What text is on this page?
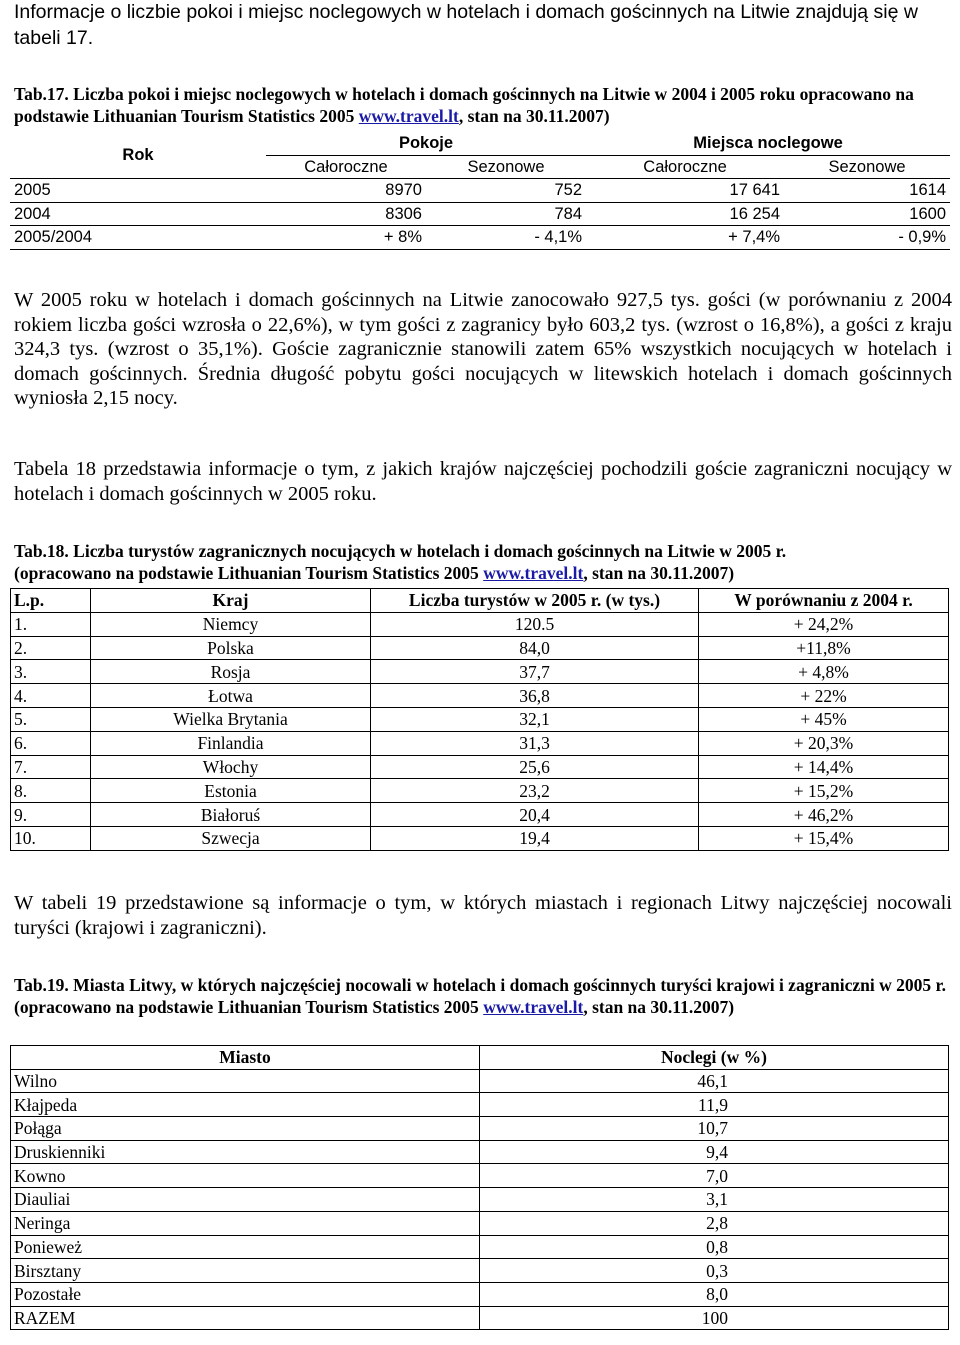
Informacje o liczbie pokoi i miejsc noclegowych w hotelach i domach gościnnych na Litwie znajdują się w tabeli 17.

Tab.17. Liczba pokoi i miejsc noclegowych w hotelach i domach gościnnych na Litwie w 2004 i 2005 roku opracowano na podstawie Lithuanian Tourism Statistics 2005 www.travel.lt, stan na 30.11.2007)

Rok	Pokoje		Miejsca noclegowe	
	Całoroczne	Sezonowe	Całoroczne	Sezonowe
2005	8970	752	17 641	1614
2004	8306	784	16 254	1600
2005/2004	+ 8%	- 4,1%	+ 7,4%	- 0,9%

W 2005 roku w hotelach i domach gościnnych na Litwie zanocowało 927,5 tys. gości (w porównaniu z 2004 rokiem liczba gości wzrosła o 22,6%), w tym gości z zagranicy było 603,2 tys. (wzrost o 16,8%), a gości z kraju 324,3 tys. (wzrost o 35,1%). Goście zagranicznie stanowili zatem 65% wszystkich nocujących w hotelach i domach gościnnych. Średnia długość pobytu gości nocujących w litewskich hotelach i domach gościnnych wyniosła 2,15 nocy.

Tabela 18 przedstawia informacje o tym, z jakich krajów najczęściej pochodzili goście zagraniczni nocujący w hotelach i domach gościnnych w 2005 roku.

Tab.18. Liczba turystów zagranicznych nocujących w hotelach i domach gościnnych na Litwie w 2005 r.
(opracowano na podstawie Lithuanian Tourism Statistics 2005 www.travel.lt, stan na 30.11.2007)

L.p.	Kraj	Liczba turystów w 2005 r. (w tys.)	W porównaniu z 2004 r.
1.	Niemcy	120.5	+ 24,2%
2.	Polska	84,0	+11,8%
3.	Rosja	37,7	+ 4,8%
4.	Łotwa	36,8	+ 22%
5.	Wielka Brytania	32,1	+ 45%
6.	Finlandia	31,3	+ 20,3%
7.	Włochy	25,6	+ 14,4%
8.	Estonia	23,2	+ 15,2%
9.	Białoruś	20,4	+ 46,2%
10.	Szwecja	19,4	+ 15,4%

W tabeli 19 przedstawione są informacje o tym, w których miastach i regionach Litwy najczęściej nocowali turyści (krajowi i zagraniczni).

Tab.19. Miasta Litwy, w których najczęściej nocowali w hotelach i domach gościnnych turyści krajowi i zagraniczni w 2005 r. (opracowano na podstawie Lithuanian Tourism Statistics 2005 www.travel.lt, stan na 30.11.2007)

Miasto	Noclegi (w %)
Wilno	46,1
Kłajpeda	11,9
Połąga	10,7
Druskienniki	9,4
Kowno	7,0
Diauliai	3,1
Neringa	2,8
Ponieweż	0,8
Birsztany	0,3
Pozostałe	8,0
RAZEM	100
